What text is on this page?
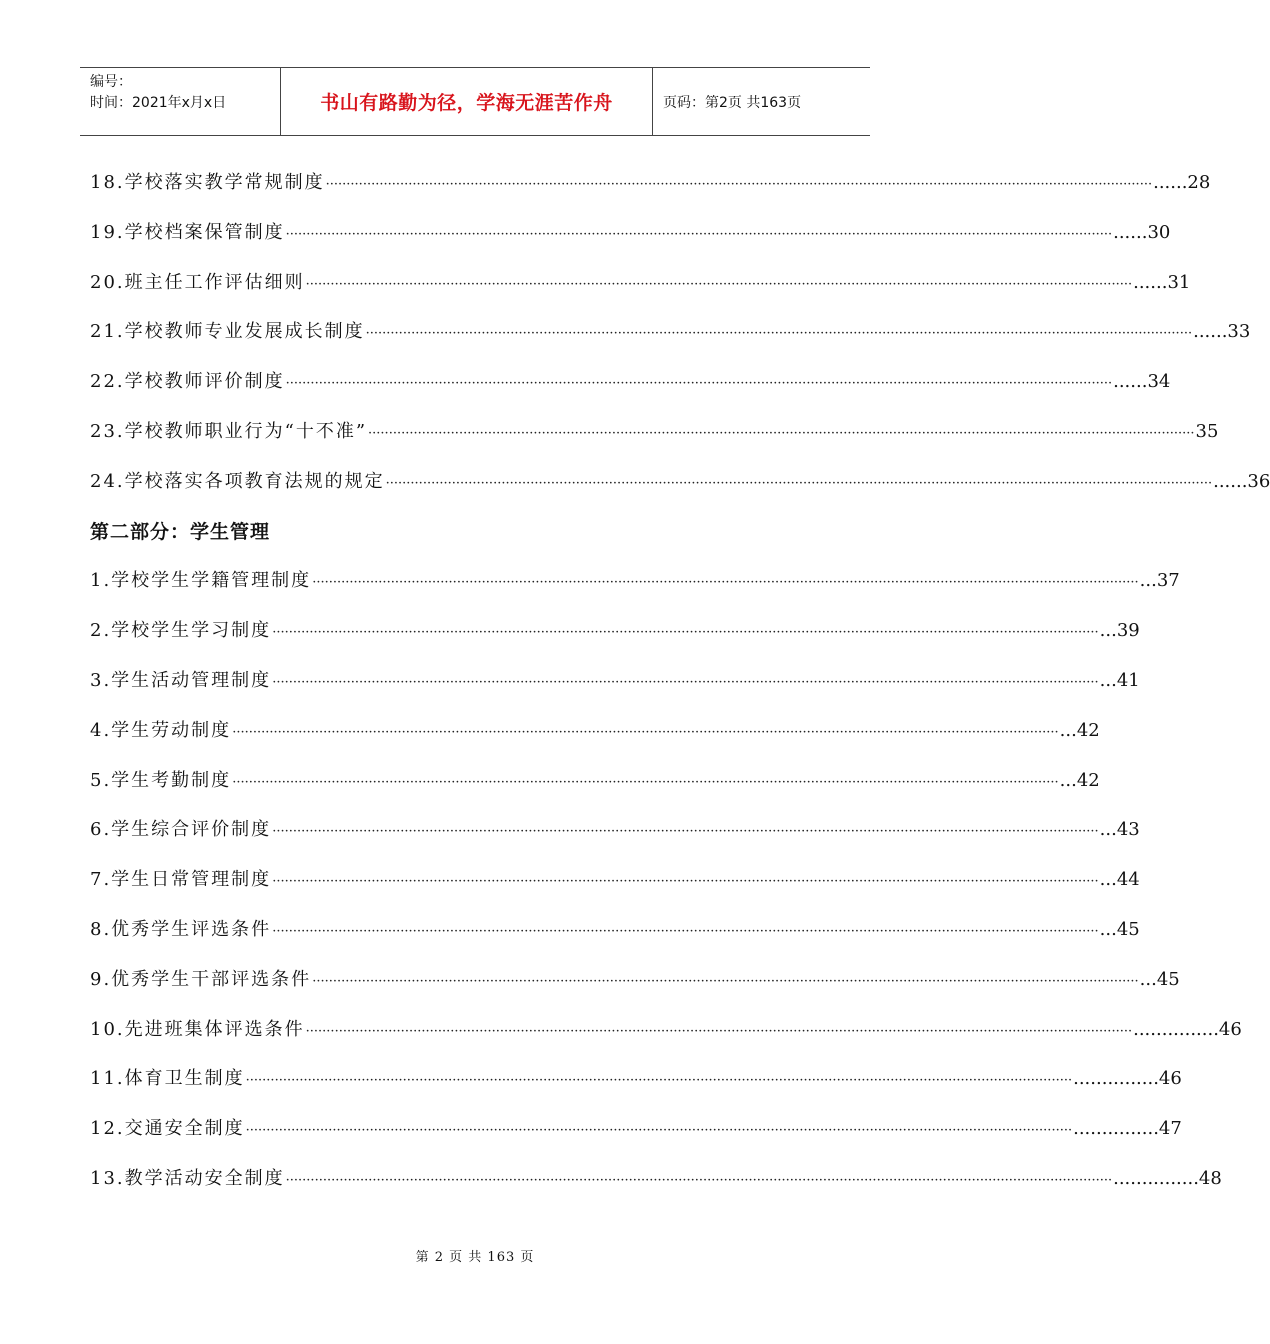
编号：
时间：2021年x月x日	书山有路勤为径，学海无涯苦作舟	页码：第2页 共163页
18.学校落实教学常规制度 ········································································································································································································ ......28
19.学校档案保管制度 ········································································································································································································ ......30
20.班主任工作评估细则 ········································································································································································································ ......31
21.学校教师专业发展成长制度 ········································································································································································································ ......33
22.学校教师评价制度 ········································································································································································································ ......34
23.学校教师职业行为“十不准” ········································································································································································································ 35
24.学校落实各项教育法规的规定 ········································································································································································································ ......36
第二部分：学生管理
1.学校学生学籍管理制度 ········································································································································································································ ...37
2.学校学生学习制度 ········································································································································································································ ...39
3.学生活动管理制度 ········································································································································································································ ...41
4.学生劳动制度 ········································································································································································································ ...42
5.学生考勤制度 ········································································································································································································ ...42
6.学生综合评价制度 ········································································································································································································ ...43
7.学生日常管理制度 ········································································································································································································ ...44
8.优秀学生评选条件 ········································································································································································································ ...45
9.优秀学生干部评选条件 ········································································································································································································ ...45
10.先进班集体评选条件 ········································································································································································································ ...............46
11.体育卫生制度 ········································································································································································································ ...............46
12.交通安全制度 ········································································································································································································ ...............47
13.教学活动安全制度 ········································································································································································································ ...............48
第 2 页 共 163 页
